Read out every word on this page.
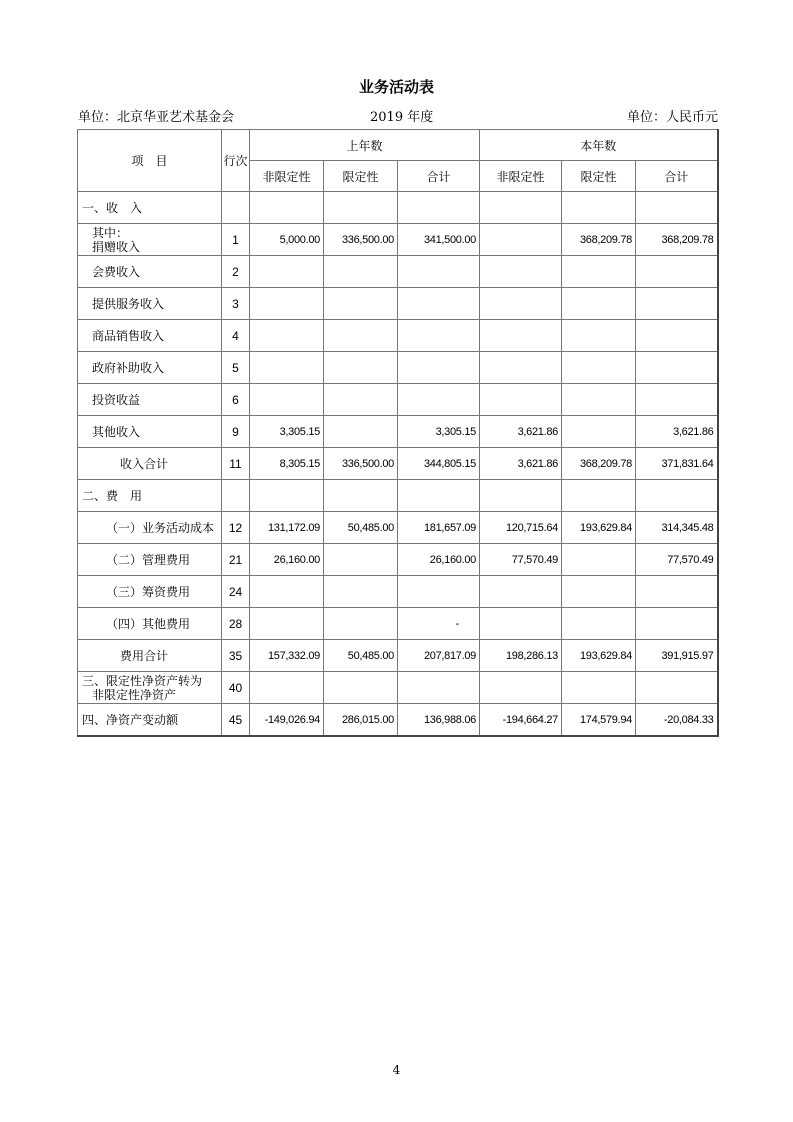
业务活动表
单位：北京华亚艺术基金会	2019 年度	单位：人民币元
项　目	行次	上年数			本年数		
		非限定性	限定性	合计	非限定性	限定性	合计
一、收　入							

其中：
捐赠收入	1	5,000.00	336,500.00	341,500.00		368,209.78	368,209.78
会费收入	2						
提供服务收入	3						
商品销售收入	4						
政府补助收入	5						
投资收益	6						
其他收入	9	3,305.15		3,305.15	3,621.86		3,621.86
收入合计	11	8,305.15	336,500.00	344,805.15	3,621.86	368,209.78	371,831.64
二、费　用							
（一）业务活动成本	12	131,172.09	50,485.00	181,657.09	120,715.64	193,629.84	314,345.48
（二）管理费用	21	26,160.00		26,160.00	77,570.49		77,570.49
（三）筹资费用	24						
（四）其他费用	28			-			
费用合计	35	157,332.09	50,485.00	207,817.09	198,286.13	193,629.84	391,915.97

三、限定性净资产转为
非限定性净资产	40						
四、净资产变动额	45	-149,026.94	286,015.00	136,988.06	-194,664.27	174,579.94	-20,084.33
4
